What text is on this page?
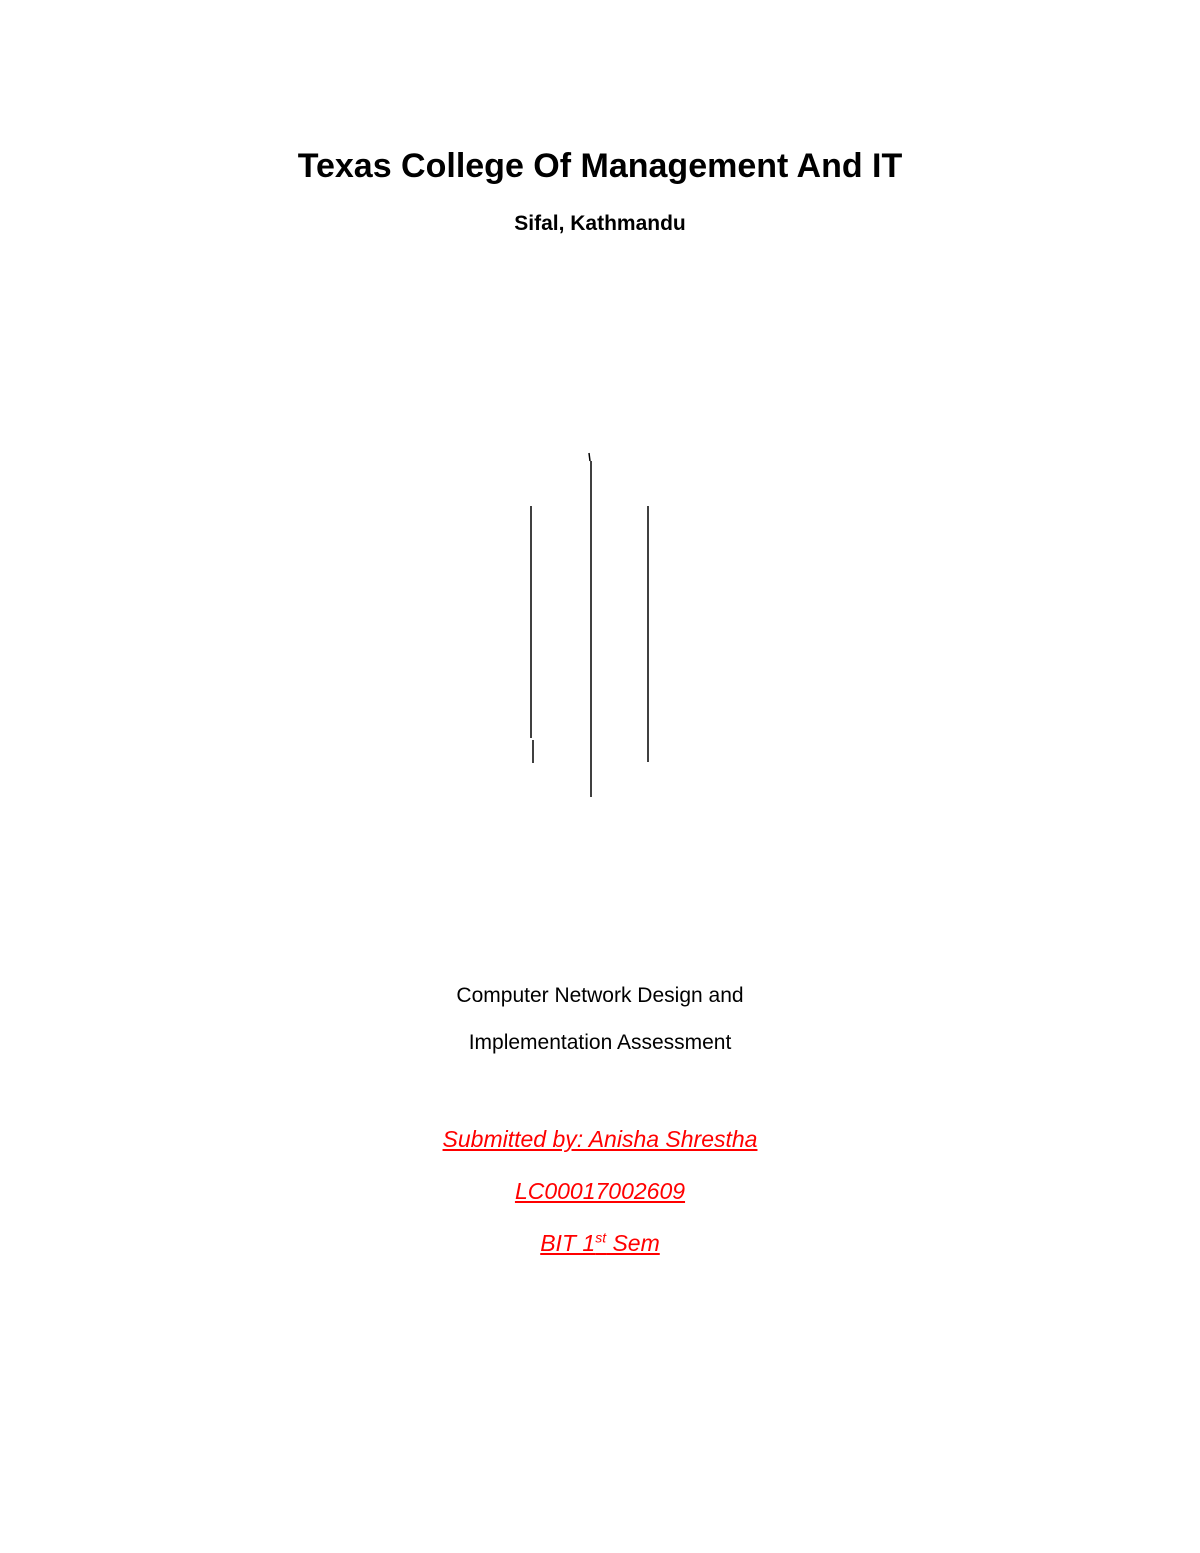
Texas College Of Management And IT
Sifal, Kathmandu
Computer Network Design and
Implementation Assessment
Submitted by: Anisha Shrestha
LC00017002609
BIT 1st Sem
